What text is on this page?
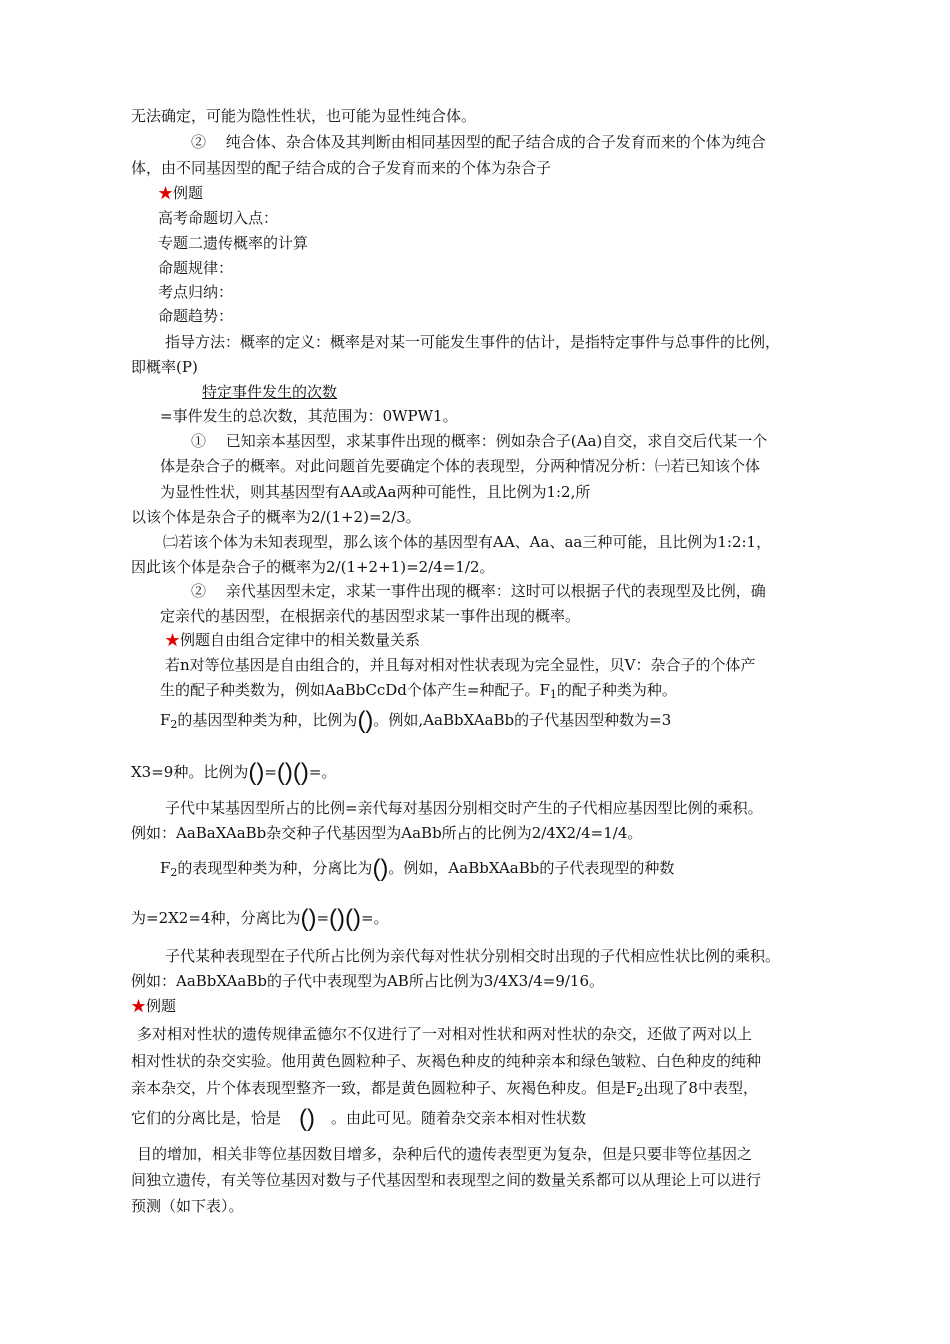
无法确定，可能为隐性性状，也可能为显性纯合体。
②　 纯合体、杂合体及其判断由相同基因型的配子结合成的合子发育而来的个体为纯合
体，由不同基因型的配子结合成的合子发育而来的个体为杂合子
★例题
高考命题切入点：
专题二遗传概率的计算
命题规律：
考点归纳：
命题趋势：
指导方法：概率的定义：概率是对某一可能发生事件的估计，是指特定事件与总事件的比例，
即概率(P)
特定事件发生的次数
=事件发生的总次数，其范围为：0WPW1。
①　 已知亲本基因型，求某事件出现的概率：例如杂合子(Aa)自交，求自交后代某一个
体是杂合子的概率。对此问题首先要确定个体的表现型，分两种情况分析：㈠若已知该个体
为显性性状，则其基因型有AA或Aa两种可能性，且比例为1:2,所
以该个体是杂合子的概率为2/(1+2)=2/3。
㈡若该个体为未知表现型，那么该个体的基因型有AA、Aa、aa三种可能，且比例为1:2:1，
因此该个体是杂合子的概率为2/(1+2+1)=2/4=1/2。
②　 亲代基因型未定，求某一事件出现的概率：这时可以根据子代的表现型及比例，确
定亲代的基因型，在根据亲代的基因型求某一事件出现的概率。
★例题自由组合定律中的相关数量关系
若n对等位基因是自由组合的，并且每对相对性状表现为完全显性，贝V：杂合子的个体产
生的配子种类数为，例如AaBbCcDd个体产生=种配子。$F_1$的配子种类为种。
$F_2$的基因型种类为种，比例为()。例如,AaBbXAaBb的子代基因型种数为=3
X3=9种。比例为()=()()=。
子代中某基因型所占的比例=亲代每对基因分别相交时产生的子代相应基因型比例的乘积。
例如：AaBaXAaBb杂交种子代基因型为AaBb所占的比例为2/4X2/4=1/4。
$F_2$的表现型种类为种，分离比为()。例如，AaBbXAaBb的子代表现型的种数
为=2X2=4种，分离比为()=()()=。
子代某种表现型在子代所占比例为亲代每对性状分别相交时出现的子代相应性状比例的乘积。
例如：AaBbXAaBb的子代中表现型为AB所占比例为3/4X3/4=9/16。
★例题
多对相对性状的遗传规律孟德尔不仅进行了一对相对性状和两对性状的杂交，还做了两对以上
相对性状的杂交实验。他用黄色圆粒种子、灰褐色种皮的纯种亲本和绿色皱粒、白色种皮的纯种
亲本杂交，片个体表现型整齐一致，都是黄色圆粒种子、灰褐色种皮。但是$F_2$出现了8中表型，
它们的分离比是，恰是 () 。由此可见。随着杂交亲本相对性状数
目的增加，相关非等位基因数目增多，杂种后代的遗传表型更为复杂，但是只要非等位基因之
间独立遗传，有关等位基因对数与子代基因型和表现型之间的数量关系都可以从理论上可以进行
预测（如下表）。
